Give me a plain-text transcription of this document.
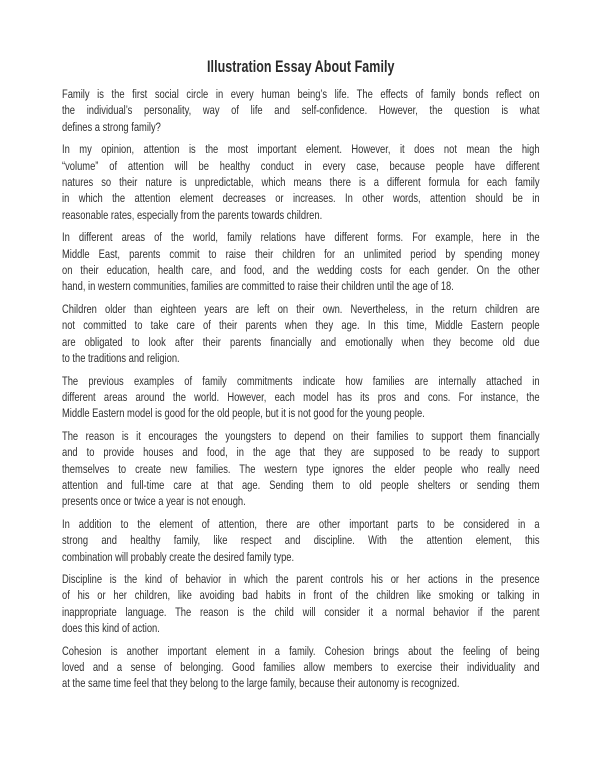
Illustration Essay About Family
Family is the first social circle in every human being’s life. The effects of family bonds reflect on
the individual’s personality, way of life and self-confidence. However, the question is what
defines a strong family?
In my opinion, attention is the most important element. However, it does not mean the high
“volume” of attention will be healthy conduct in every case, because people have different
natures so their nature is unpredictable, which means there is a different formula for each family
in which the attention element decreases or increases. In other words, attention should be in
reasonable rates, especially from the parents towards children.
In different areas of the world, family relations have different forms. For example, here in the
Middle East, parents commit to raise their children for an unlimited period by spending money
on their education, health care, and food, and the wedding costs for each gender. On the other
hand, in western communities, families are committed to raise their children until the age of 18.
Children older than eighteen years are left on their own. Nevertheless, in the return children are
not committed to take care of their parents when they age. In this time, Middle Eastern people
are obligated to look after their parents financially and emotionally when they become old due
to the traditions and religion.
The previous examples of family commitments indicate how families are internally attached in
different areas around the world. However, each model has its pros and cons. For instance, the
Middle Eastern model is good for the old people, but it is not good for the young people.
The reason is it encourages the youngsters to depend on their families to support them financially
and to provide houses and food, in the age that they are supposed to be ready to support
themselves to create new families. The western type ignores the elder people who really need
attention and full-time care at that age. Sending them to old people shelters or sending them
presents once or twice a year is not enough.
In addition to the element of attention, there are other important parts to be considered in a
strong and healthy family, like respect and discipline. With the attention element, this
combination will probably create the desired family type.
Discipline is the kind of behavior in which the parent controls his or her actions in the presence
of his or her children, like avoiding bad habits in front of the children like smoking or talking in
inappropriate language. The reason is the child will consider it a normal behavior if the parent
does this kind of action.
Cohesion is another important element in a family. Cohesion brings about the feeling of being
loved and a sense of belonging. Good families allow members to exercise their individuality and
at the same time feel that they belong to the large family, because their autonomy is recognized.
